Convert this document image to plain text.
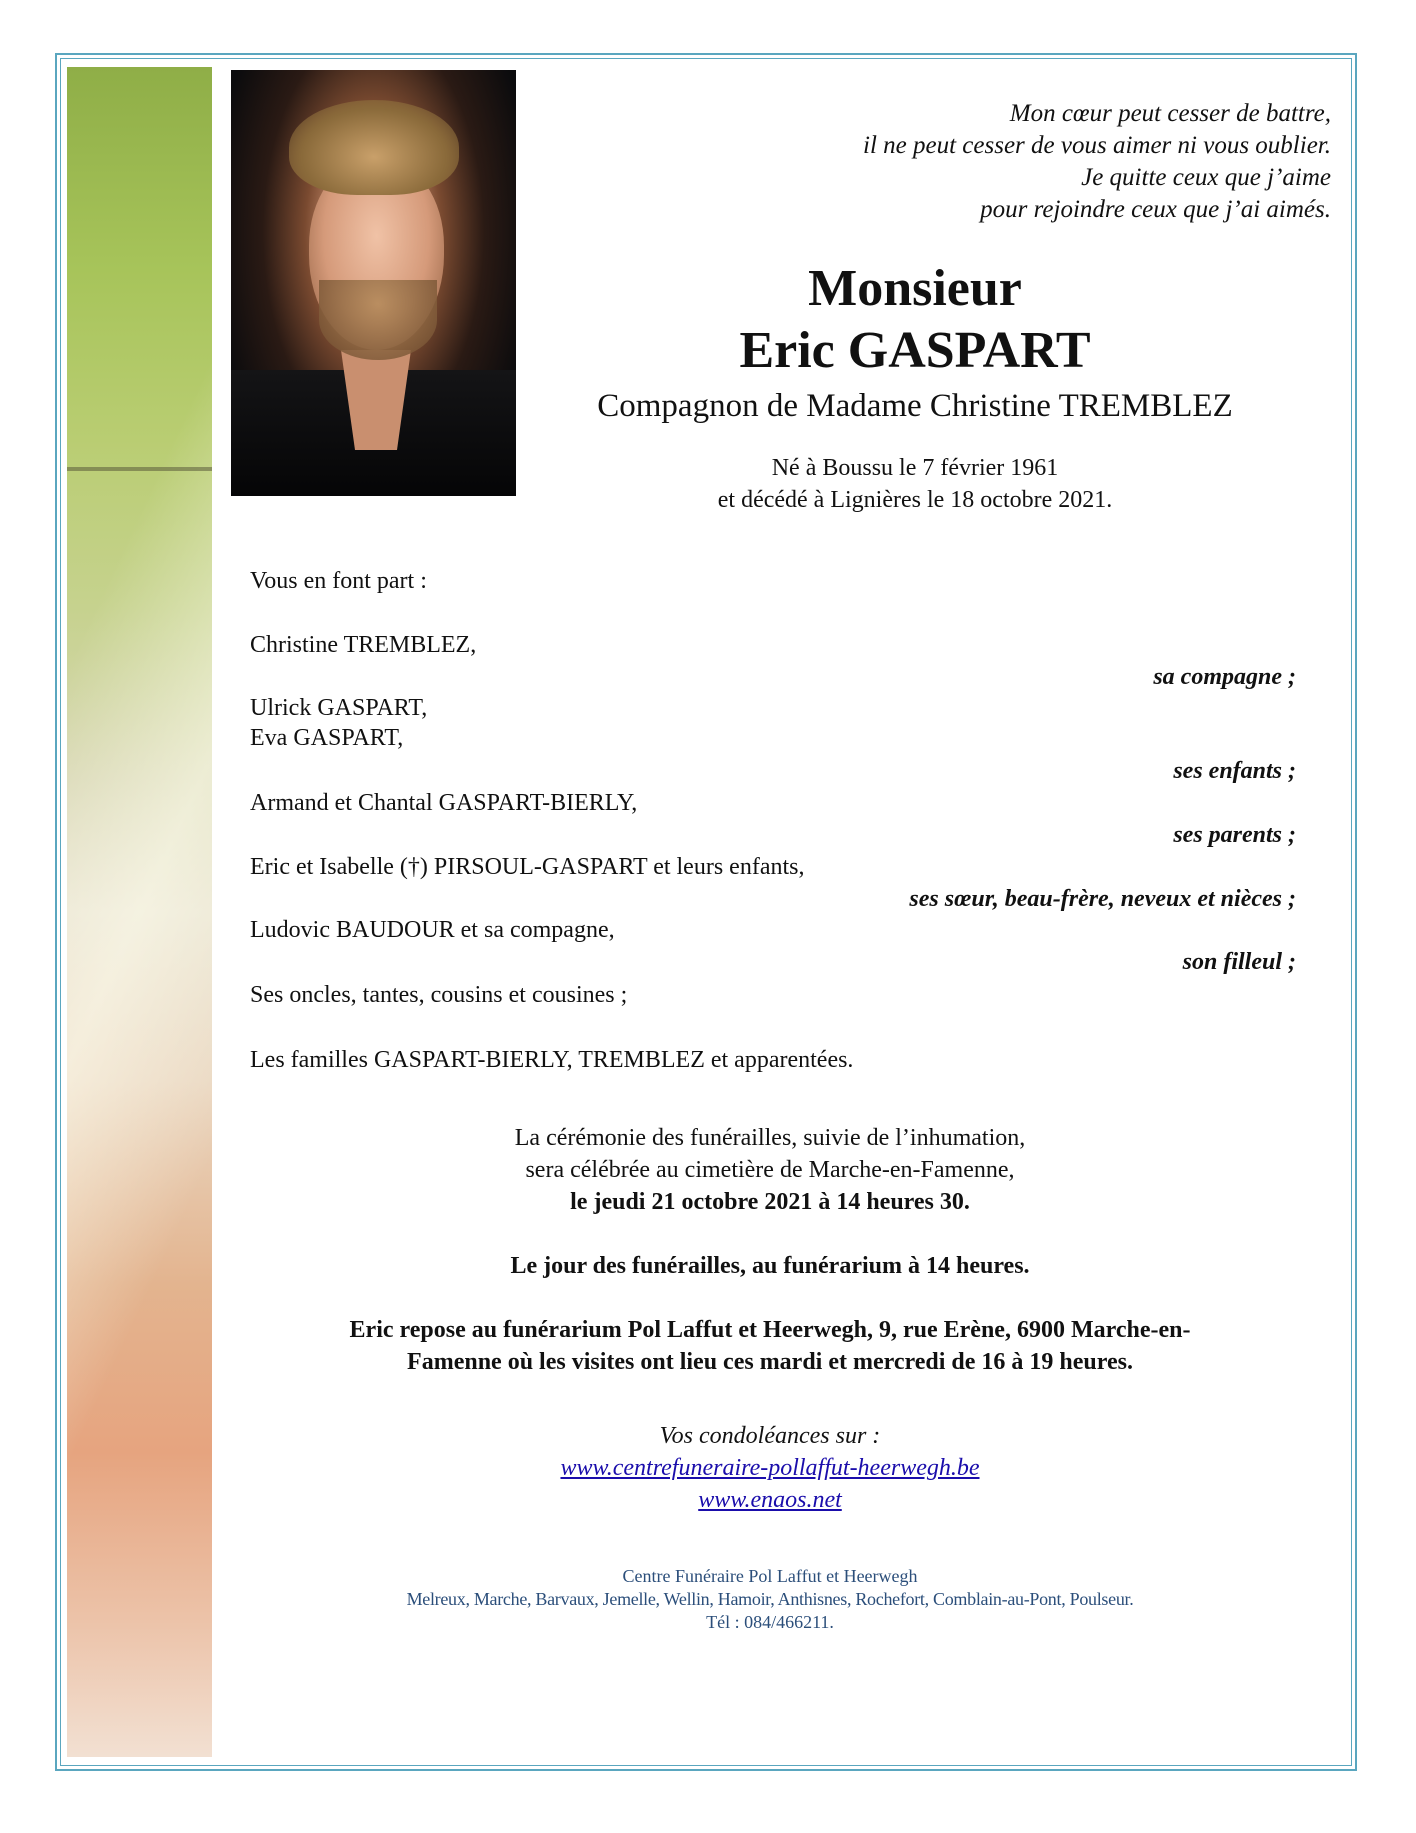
Mon cœur peut cesser de battre,
il ne peut cesser de vous aimer ni vous oublier.
Je quitte ceux que j’aime
pour rejoindre ceux que j’ai aimés.
Monsieur
Eric GASPART
Compagnon de Madame Christine TREMBLEZ
Né à Boussu le 7 février 1961
et décédé à Lignières le 18 octobre 2021.
Vous en font part :
Christine TREMBLEZ,
sa compagne ;
Ulrick GASPART,
Eva GASPART,
ses enfants ;
Armand et Chantal GASPART-BIERLY,
ses parents ;
Eric et Isabelle (†) PIRSOUL-GASPART et leurs enfants,
ses sœur, beau-frère, neveux et nièces ;
Ludovic BAUDOUR et sa compagne,
son filleul ;
Ses oncles, tantes, cousins et cousines ;
Les familles GASPART-BIERLY, TREMBLEZ et apparentées.
La cérémonie des funérailles, suivie de l’inhumation,
sera célébrée au cimetière de Marche-en-Famenne,
le jeudi 21 octobre 2021 à 14 heures 30.
Le jour des funérailles, au funérarium à 14 heures.
Eric repose au funérarium Pol Laffut et Heerwegh, 9, rue Erène, 6900 Marche-en-
Famenne où les visites ont lieu ces mardi et mercredi de 16 à 19 heures.
Vos condoléances sur :
www.centrefuneraire-pollaffut-heerwegh.be
www.enaos.net
Centre Funéraire Pol Laffut et Heerwegh
Melreux, Marche, Barvaux, Jemelle, Wellin, Hamoir, Anthisnes, Rochefort, Comblain-au-Pont, Poulseur.
Tél : 084/466211.
